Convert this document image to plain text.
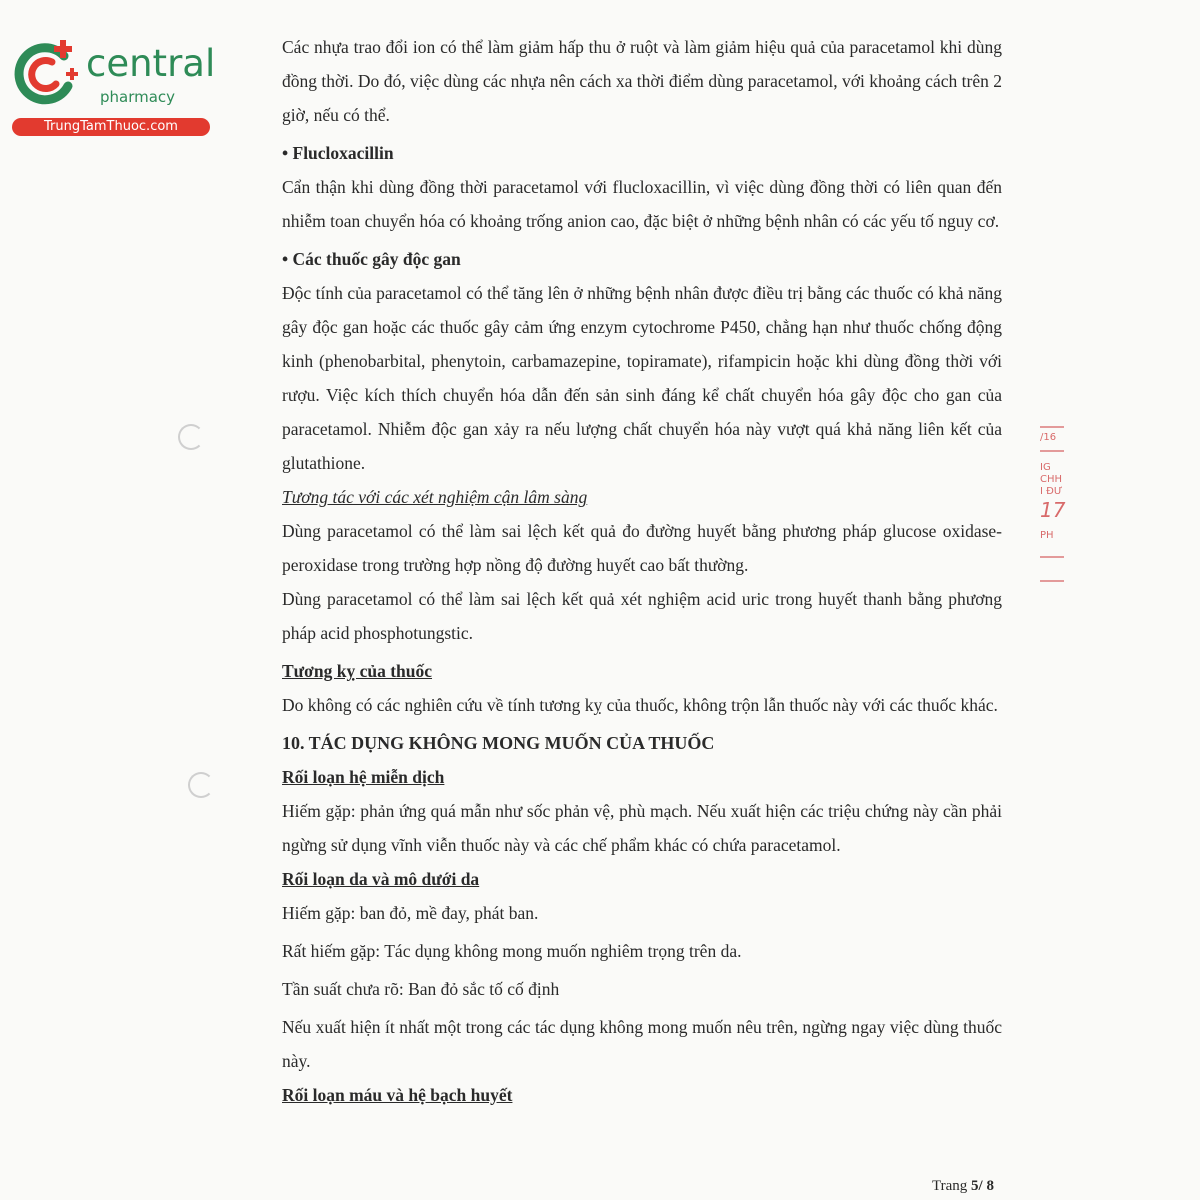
central
pharmacy
TrungTamThuoc.com
/16
IG
CHH
I ĐƯ
17
PH

Các nhựa trao đổi ion có thể làm giảm hấp thu ở ruột và làm giảm hiệu quả của paracetamol khi dùng đồng thời. Do đó, việc dùng các nhựa nên cách xa thời điểm dùng paracetamol, với khoảng cách trên 2 giờ, nếu có thể.

• Flucloxacillin

Cẩn thận khi dùng đồng thời paracetamol với flucloxacillin, vì việc dùng đồng thời có liên quan đến nhiễm toan chuyển hóa có khoảng trống anion cao, đặc biệt ở những bệnh nhân có các yếu tố nguy cơ.

• Các thuốc gây độc gan

Độc tính của paracetamol có thể tăng lên ở những bệnh nhân được điều trị bằng các thuốc có khả năng gây độc gan hoặc các thuốc gây cảm ứng enzym cytochrome P450, chẳng hạn như thuốc chống động kinh (phenobarbital, phenytoin, carbamazepine, topiramate), rifampicin hoặc khi dùng đồng thời với rượu. Việc kích thích chuyển hóa dẫn đến sản sinh đáng kể chất chuyển hóa gây độc cho gan của paracetamol. Nhiễm độc gan xảy ra nếu lượng chất chuyển hóa này vượt quá khả năng liên kết của glutathione.

Tương tác với các xét nghiệm cận lâm sàng

Dùng paracetamol có thể làm sai lệch kết quả đo đường huyết bằng phương pháp glucose oxidase-peroxidase trong trường hợp nồng độ đường huyết cao bất thường.

Dùng paracetamol có thể làm sai lệch kết quả xét nghiệm acid uric trong huyết thanh bằng phương pháp acid phosphotungstic.

Tương kỵ của thuốc

Do không có các nghiên cứu về tính tương kỵ của thuốc, không trộn lẫn thuốc này với các thuốc khác.

10. TÁC DỤNG KHÔNG MONG MUỐN CỦA THUỐC

Rối loạn hệ miễn dịch

Hiếm gặp: phản ứng quá mẫn như sốc phản vệ, phù mạch. Nếu xuất hiện các triệu chứng này cần phải ngừng sử dụng vĩnh viễn thuốc này và các chế phẩm khác có chứa paracetamol.

Rối loạn da và mô dưới da

Hiếm gặp: ban đỏ, mề đay, phát ban.

Rất hiếm gặp: Tác dụng không mong muốn nghiêm trọng trên da.

Tần suất chưa rõ: Ban đỏ sắc tố cố định

Nếu xuất hiện ít nhất một trong các tác dụng không mong muốn nêu trên, ngừng ngay việc dùng thuốc này.

Rối loạn máu và hệ bạch huyết

Trang 5/ 8
